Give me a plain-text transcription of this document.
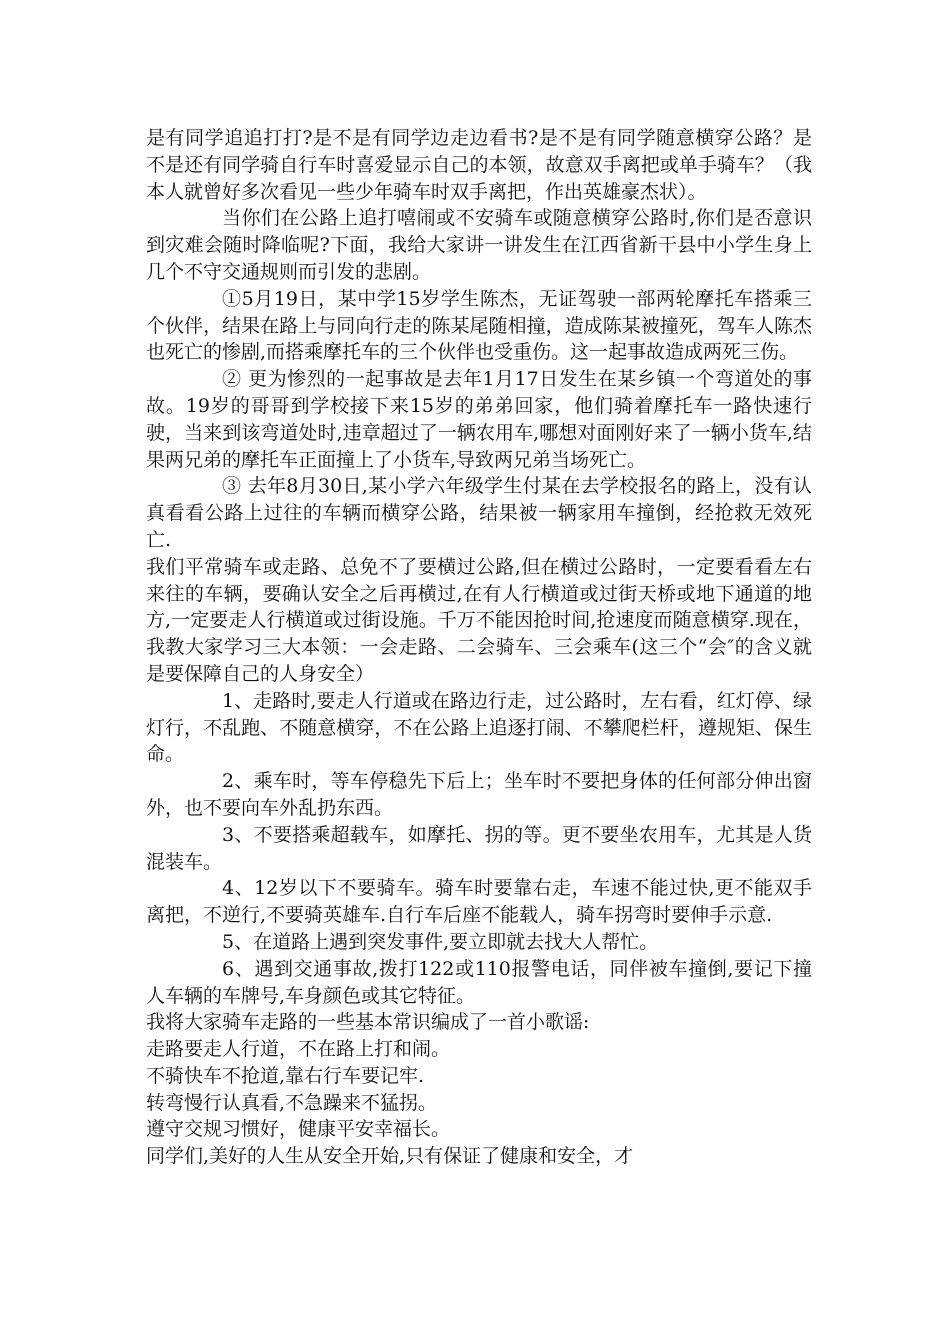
是有同学追追打打?是不是有同学边走边看书?是不是有同学随意横穿公路？是不是还有同学骑自行车时喜爱显示自己的本领，故意双手离把或单手骑车？（我本人就曾好多次看见一些少年骑车时双手离把，作出英雄豪杰状）。

当你们在公路上追打嘻闹或不安骑车或随意横穿公路时,你们是否意识到灾难会随时降临呢?下面，我给大家讲一讲发生在江西省新干县中小学生身上几个不守交通规则而引发的悲剧。

①5月19日，某中学15岁学生陈杰，无证驾驶一部两轮摩托车搭乘三个伙伴，结果在路上与同向行走的陈某尾随相撞，造成陈某被撞死，驾车人陈杰也死亡的惨剧,而搭乘摩托车的三个伙伴也受重伤。这一起事故造成两死三伤。

② 更为惨烈的一起事故是去年1月17日发生在某乡镇一个弯道处的事故。19岁的哥哥到学校接下来15岁的弟弟回家，他们骑着摩托车一路快速行驶，当来到该弯道处时,违章超过了一辆农用车,哪想对面刚好来了一辆小货车,结果两兄弟的摩托车正面撞上了小货车,导致两兄弟当场死亡。

③ 去年8月30日,某小学六年级学生付某在去学校报名的路上，没有认真看看公路上过往的车辆而横穿公路，结果被一辆家用车撞倒，经抢救无效死亡.

我们平常骑车或走路、总免不了要横过公路,但在横过公路时，一定要看看左右来往的车辆，要确认安全之后再横过,在有人行横道或过街天桥或地下通道的地方,一定要走人行横道或过街设施。千万不能因抢时间,抢速度而随意横穿.现在，我教大家学习三大本领：一会走路、二会骑车、三会乘车(这三个“会″的含义就是要保障自己的人身安全）

1、走路时,要走人行道或在路边行走，过公路时，左右看，红灯停、绿灯行，不乱跑、不随意横穿，不在公路上追逐打闹、不攀爬栏杆，遵规矩、保生命。

2、乘车时，等车停稳先下后上；坐车时不要把身体的任何部分伸出窗外，也不要向车外乱扔东西。

3、不要搭乘超载车，如摩托、拐的等。更不要坐农用车，尤其是人货混装车。

4、12岁以下不要骑车。骑车时要靠右走，车速不能过快,更不能双手离把，不逆行,不要骑英雄车.自行车后座不能载人，骑车拐弯时要伸手示意.

5、在道路上遇到突发事件,要立即就去找大人帮忙。

6、遇到交通事故,拨打122或110报警电话，同伴被车撞倒,要记下撞人车辆的车牌号,车身颜色或其它特征。

我将大家骑车走路的一些基本常识编成了一首小歌谣:

走路要走人行道，不在路上打和闹。

不骑快车不抢道,靠右行车要记牢.

转弯慢行认真看,不急躁来不猛拐。

遵守交规习惯好，健康平安幸福长。

同学们,美好的人生从安全开始,只有保证了健康和安全，才
